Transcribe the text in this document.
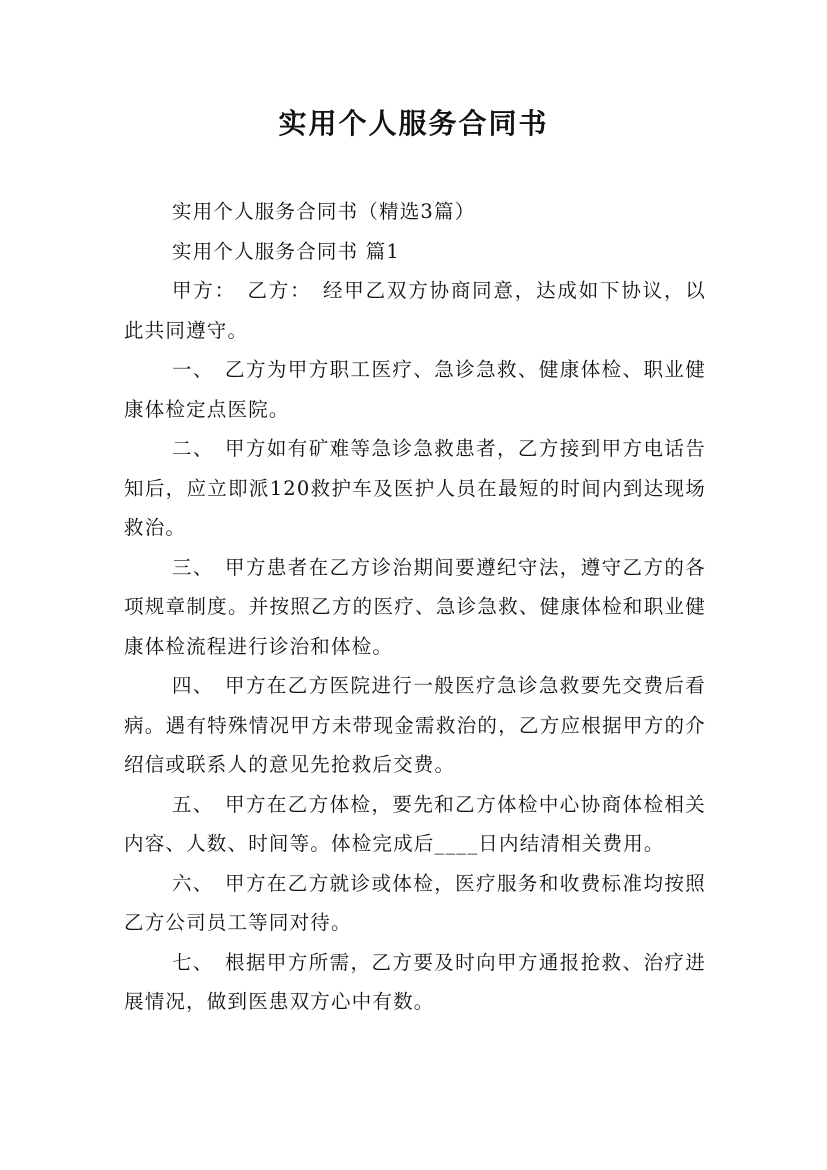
实用个人服务合同书

实用个人服务合同书（精选3篇）

实用个人服务合同书 篇1

甲方：　乙方：　经甲乙双方协商同意，达成如下协议，以此共同遵守。

一、　乙方为甲方职工医疗、急诊急救、健康体检、职业健康体检定点医院。

二、　甲方如有矿难等急诊急救患者，乙方接到甲方电话告知后，应立即派120救护车及医护人员在最短的时间内到达现场救治。

三、　甲方患者在乙方诊治期间要遵纪守法，遵守乙方的各项规章制度。并按照乙方的医疗、急诊急救、健康体检和职业健康体检流程进行诊治和体检。

四、　甲方在乙方医院进行一般医疗急诊急救要先交费后看病。遇有特殊情况甲方未带现金需救治的，乙方应根据甲方的介绍信或联系人的意见先抢救后交费。

五、　甲方在乙方体检，要先和乙方体检中心协商体检相关内容、人数、时间等。体检完成后____日内结清相关费用。

六、　甲方在乙方就诊或体检，医疗服务和收费标准均按照乙方公司员工等同对待。

七、　根据甲方所需，乙方要及时向甲方通报抢救、治疗进展情况，做到医患双方心中有数。
